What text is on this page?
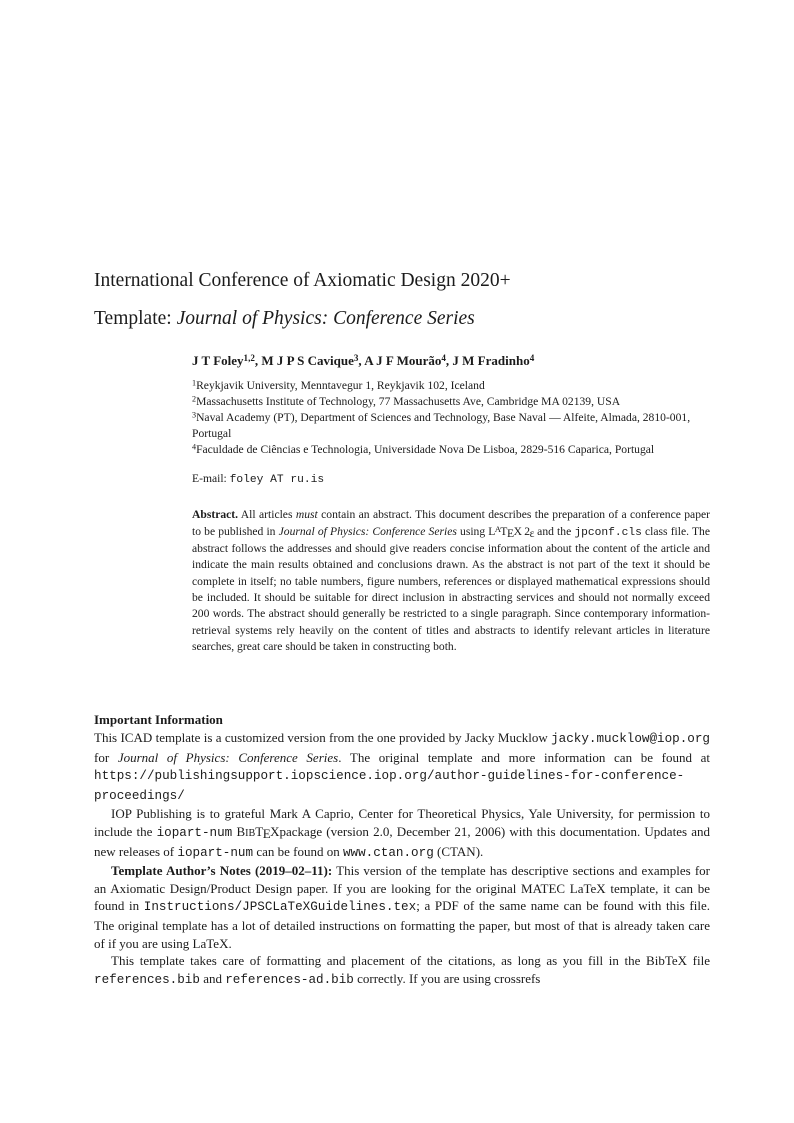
International Conference of Axiomatic Design 2020+
Template: Journal of Physics: Conference Series

J T Foley$^{1,2}$, M J P S Cavique$^3$, A J F Mourão$^4$, J M Fradinho$^4$

$^1$Reykjavik University, Menntavegur 1, Reykjavik 102, Iceland

$^2$Massachusetts Institute of Technology, 77 Massachusetts Ave, Cambridge MA 02139, USA

$^3$Naval Academy (PT), Department of Sciences and Technology, Base Naval — Alfeite, Almada, 2810-001, Portugal

$^4$Faculdade de Ciências e Technologia, Universidade Nova De Lisboa, 2829-516 Caparica, Portugal

E-mail: foley AT ru.is

Abstract. All articles must contain an abstract. This document describes the preparation of a conference paper to be published in Journal of Physics: Conference Series using $L^ATEX$ 2ε and the jpconf.cls class file. The abstract follows the addresses and should give readers concise information about the content of the article and indicate the main results obtained and conclusions drawn. As the abstract is not part of the text it should be complete in itself; no table numbers, figure numbers, references or displayed mathematical expressions should be included. It should be suitable for direct inclusion in abstracting services and should not normally exceed 200 words. The abstract should generally be restricted to a single paragraph. Since contemporary information-retrieval systems rely heavily on the content of titles and abstracts to identify relevant articles in literature searches, great care should be taken in constructing both.

Important Information

This ICAD template is a customized version from the one provided by Jacky Mucklow jacky.mucklow@iop.org for Journal of Physics: Conference Series. The original template and more information can be found at https://publishingsupport.iopscience.iop.org/author-guidelines-for-conference-proceedings/

IOP Publishing is to grateful Mark A Caprio, Center for Theoretical Physics, Yale University, for permission to include the iopart-num BIBTEXpackage (version 2.0, December 21, 2006) with this documentation. Updates and new releases of iopart-num can be found on www.ctan.org (CTAN).

Template Author’s Notes (2019–02–11): This version of the template has descriptive sections and examples for an Axiomatic Design/Product Design paper. If you are looking for the original MATEC LaTeX template, it can be found in Instructions/JPSCLaTeXGuidelines.tex; a PDF of the same name can be found with this file. The original template has a lot of detailed instructions on formatting the paper, but most of that is already taken care of if you are using LaTeX.

This template takes care of formatting and placement of the citations, as long as you fill in the BibTeX file references.bib and references-ad.bib correctly. If you are using crossrefs
